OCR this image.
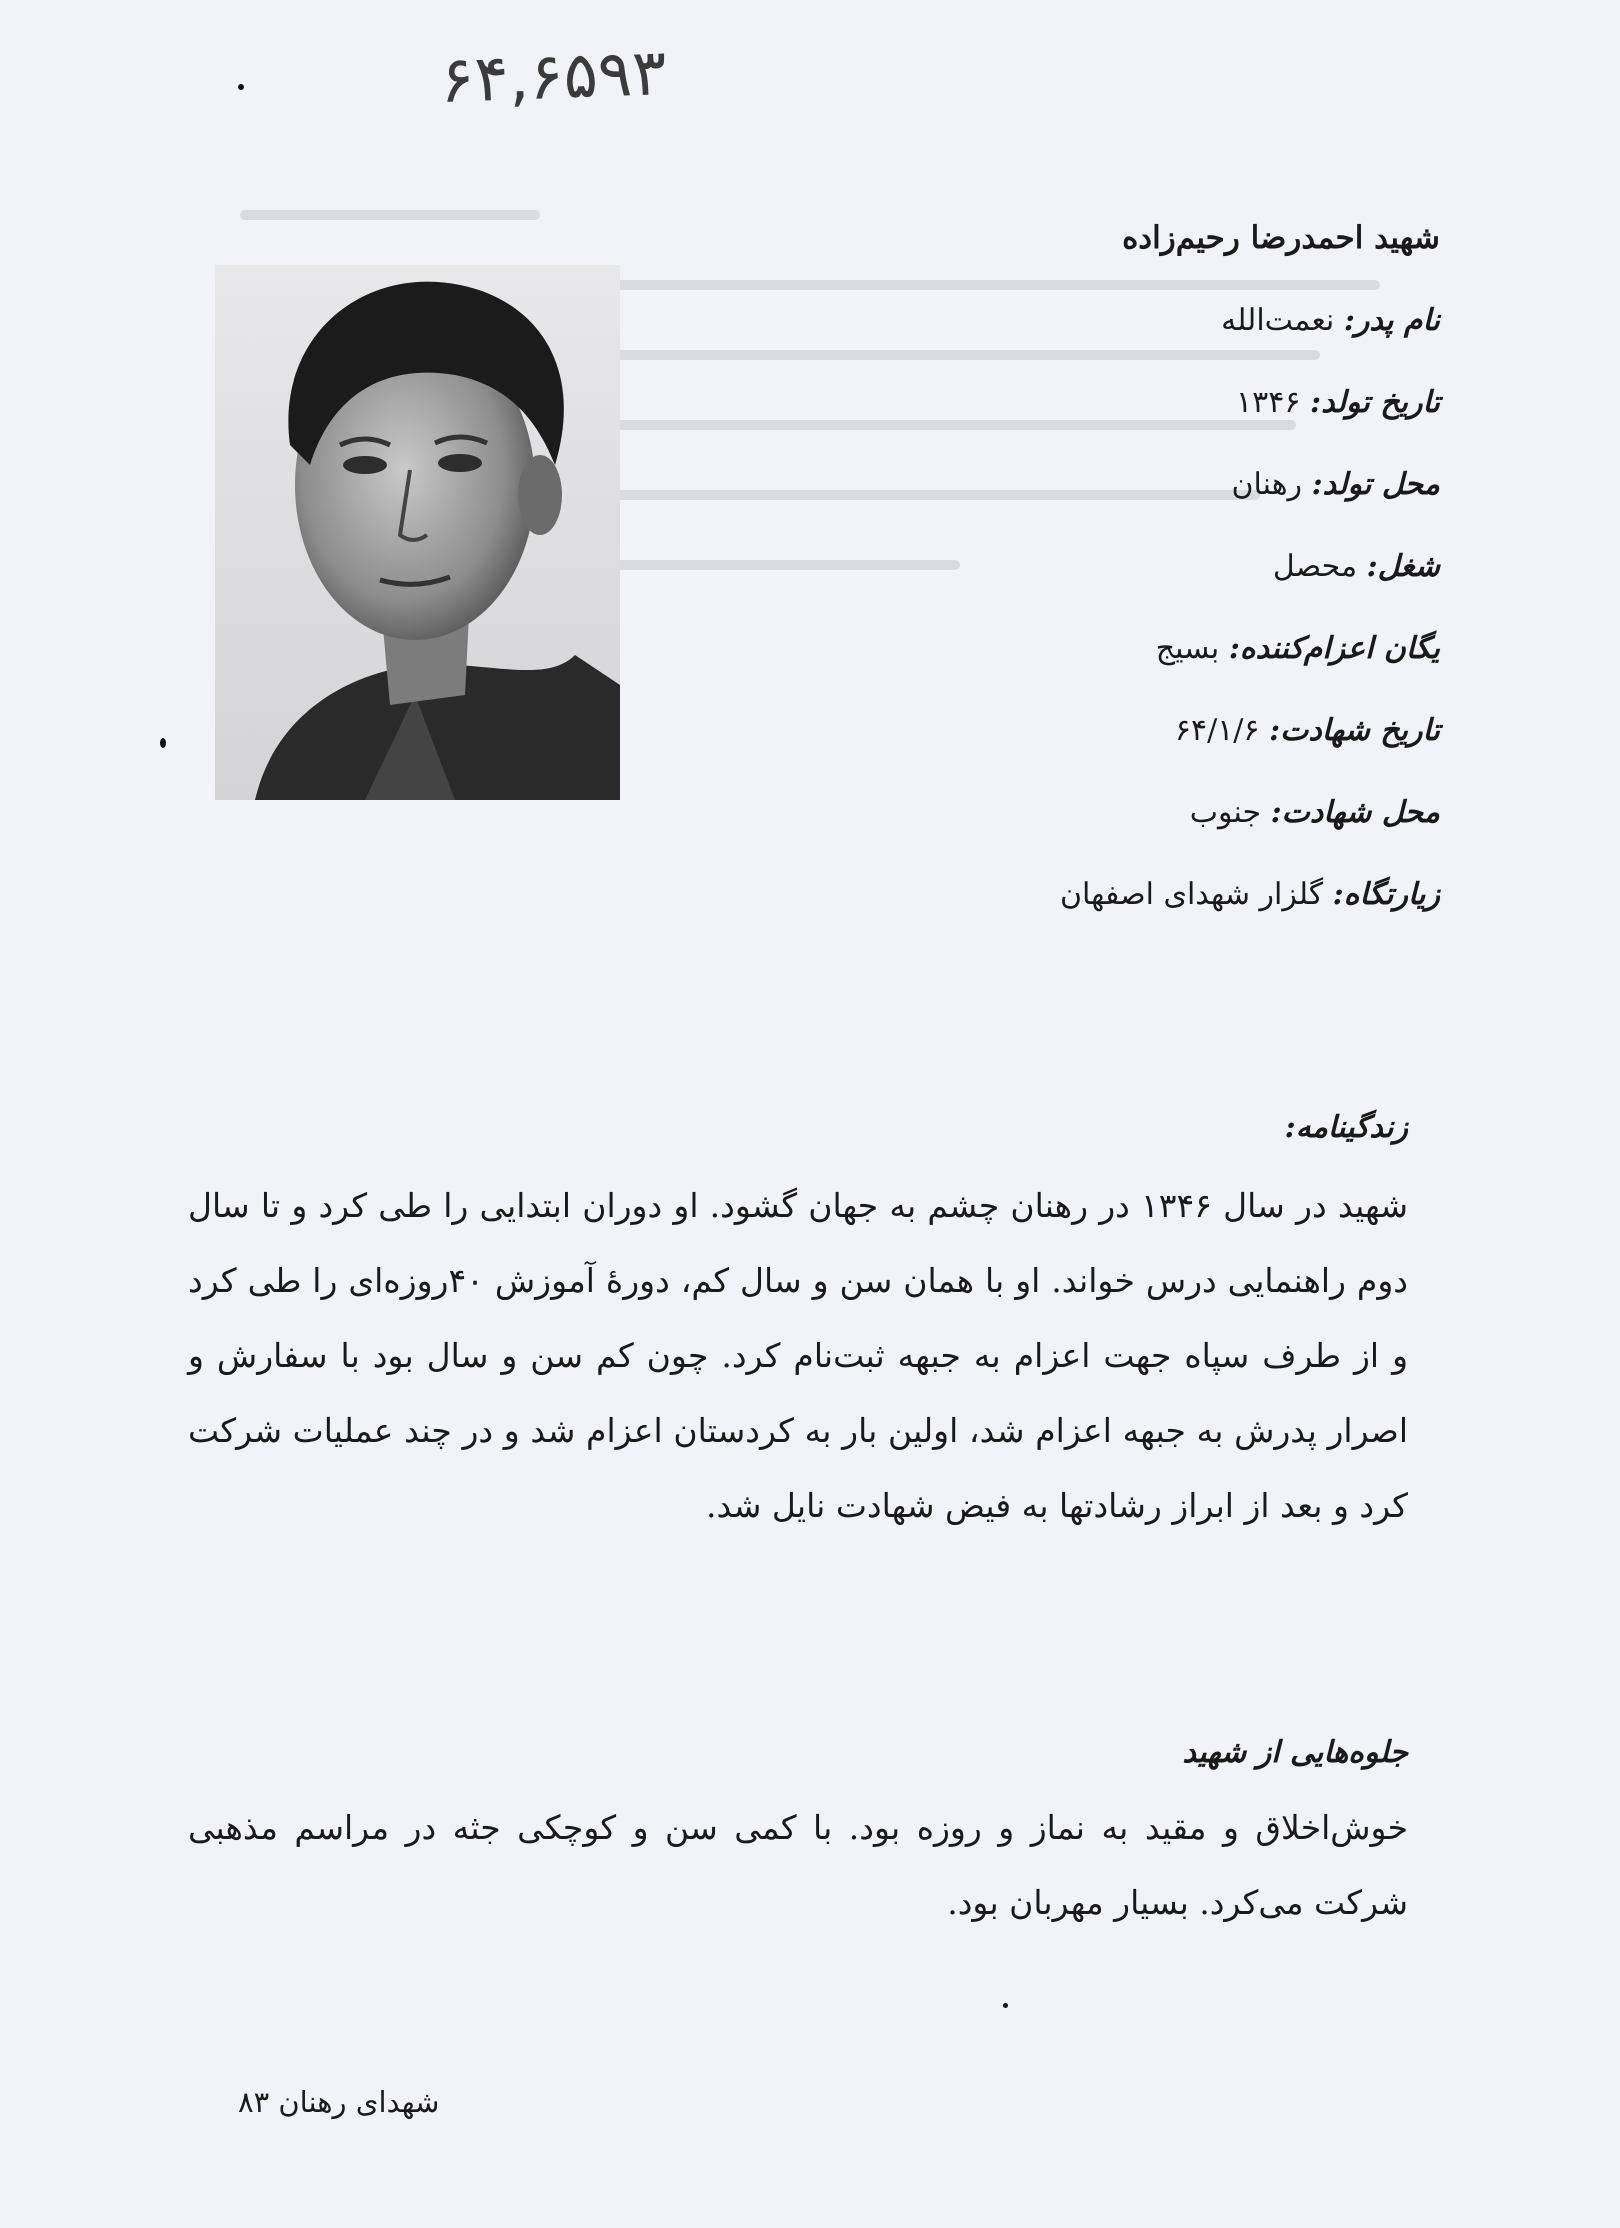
۶۴,۶۵۹۳
شهید احمدرضا رحیم‌زاده
نام پدر: نعمت‌الله
تاریخ تولد: ۱۳۴۶
محل تولد: رهنان
شغل: محصل
یگان اعزام‌کننده: بسیج
تاریخ شهادت: ۶۴/۱/۶
محل شهادت: جنوب
زیارتگاه: گلزار شهدای اصفهان
زندگینامه:
شهید در سال ۱۳۴۶ در رهنان چشم به جهان گشود. او دوران ابتدایی را طی کرد و تا سال دوم راهنمایی درس خواند. او با همان سن و سال کم، دورهٔ آموزش ۴۰روزه‌ای را طی کرد و از طرف سپاه جهت اعزام به جبهه ثبت‌نام کرد. چون کم سن و سال بود با سفارش و اصرار پدرش به جبهه اعزام شد، اولین بار به کردستان اعزام شد و در چند عملیات شرکت کرد و بعد از ابراز رشادتها به فیض شهادت نایل شد.
جلوه‌هایی از شهید
خوش‌اخلاق و مقید به نماز و روزه بود. با کمی سن و کوچکی جثه در مراسم مذهبی شرکت می‌کرد. بسیار مهربان بود.
شهدای رهنان ۸۳
